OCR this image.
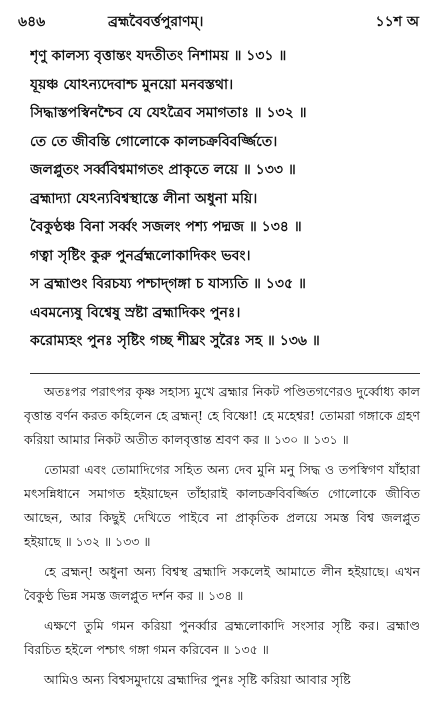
৬৪৬	ব্রহ্মবৈবর্ত্তপুরাণম্‌।	১১শ অ
শৃণু কালস্য বৃত্তান্তং যদতীতং নিশাময় ॥ ১৩১ ॥
যূয়ঞ্চ যোঽন্যদেবাশ্চ মুনয়ো মনবস্তথা।
সিদ্ধাস্তপস্বিনশ্চৈব যে যেঽত্রৈব সমাগতাঃ ॥ ১৩২ ॥
তে তে জীবন্তি গোলোকে কালচক্রবিবর্জ্জিতে।
জলপ্লুতং সর্ব্ববিশ্বমাগতং প্রাকৃতে লয়ে ॥ ১৩৩ ॥
ব্রহ্মাদ্যা যেঽন্যবিশ্বস্থাস্তে লীনা অধুনা ময়ি।
বৈকুণ্ঠঞ্চ বিনা সর্ব্বং সজলং পশ্য পদ্মজ ॥ ১৩৪ ॥
গত্বা সৃষ্টিং কুরু পুনর্ব্রহ্মলোকাদিকং ভবং।
স ব্রহ্মাণ্ডং বিরচয্য পশ্চাদ্‌গঙ্গা চ যাস্যতি ॥ ১৩৫ ॥
এবমন্যেষু বিশ্বেষু স্রষ্টা ব্রহ্মাদিকং পুনঃ।
করোম্যহং পুনঃ সৃষ্টিং গচ্ছ শীঘ্রং সুরৈঃ সহ ॥ ১৩৬ ॥

অতঃপর পরাৎপর কৃষ্ণ সহাস্য মুখে ব্রহ্মার নিকট পণ্ডিতগণেরও দুর্ব্বোধ্য কাল বৃত্তান্ত বর্ণন করত কহিলেন হে ব্রহ্মন্‌! হে বিষ্ণো! হে মহেশ্বর! তোমরা গঙ্গাকে গ্রহণ করিয়া আমার নিকট অতীত কালবৃত্তান্ত শ্রবণ কর ॥ ১৩০ ॥ ১৩১ ॥

তোমরা এবং তোমাদিগের সহিত অন্য দেব মুনি মনু সিদ্ধ ও তপস্বিগণ যাঁহারা মৎসন্নিধানে সমাগত হইয়াছেন তাঁহারাই কালচক্রবিবর্জ্জিত গোলোকে জীবিত আছেন, আর কিছুই দেখিতে পাইবে না প্রাকৃতিক প্রলয়ে সমস্ত বিশ্ব জলপ্লুত হইয়াছে ॥ ১৩২ ॥ ১৩৩ ॥

হে ব্রহ্মন্‌! অধুনা অন্য বিশ্বস্থ ব্রহ্মাদি সকলেই আমাতে লীন হইয়াছে। এখন বৈকুণ্ঠ ভিন্ন সমস্ত জলপ্লুত দর্শন কর ॥ ১৩৪ ॥

এক্ষণে তুমি গমন করিয়া পুনর্ব্বার ব্রহ্মলোকাদি সংসার সৃষ্টি কর। ব্রহ্মাণ্ড বিরচিত হইলে পশ্চাৎ গঙ্গা গমন করিবেন ॥ ১৩৫ ॥

আমিও অন্য বিশ্বসমুদায়ে ব্রহ্মাদির পুনঃ সৃষ্টি করিয়া আবার সৃষ্টি
